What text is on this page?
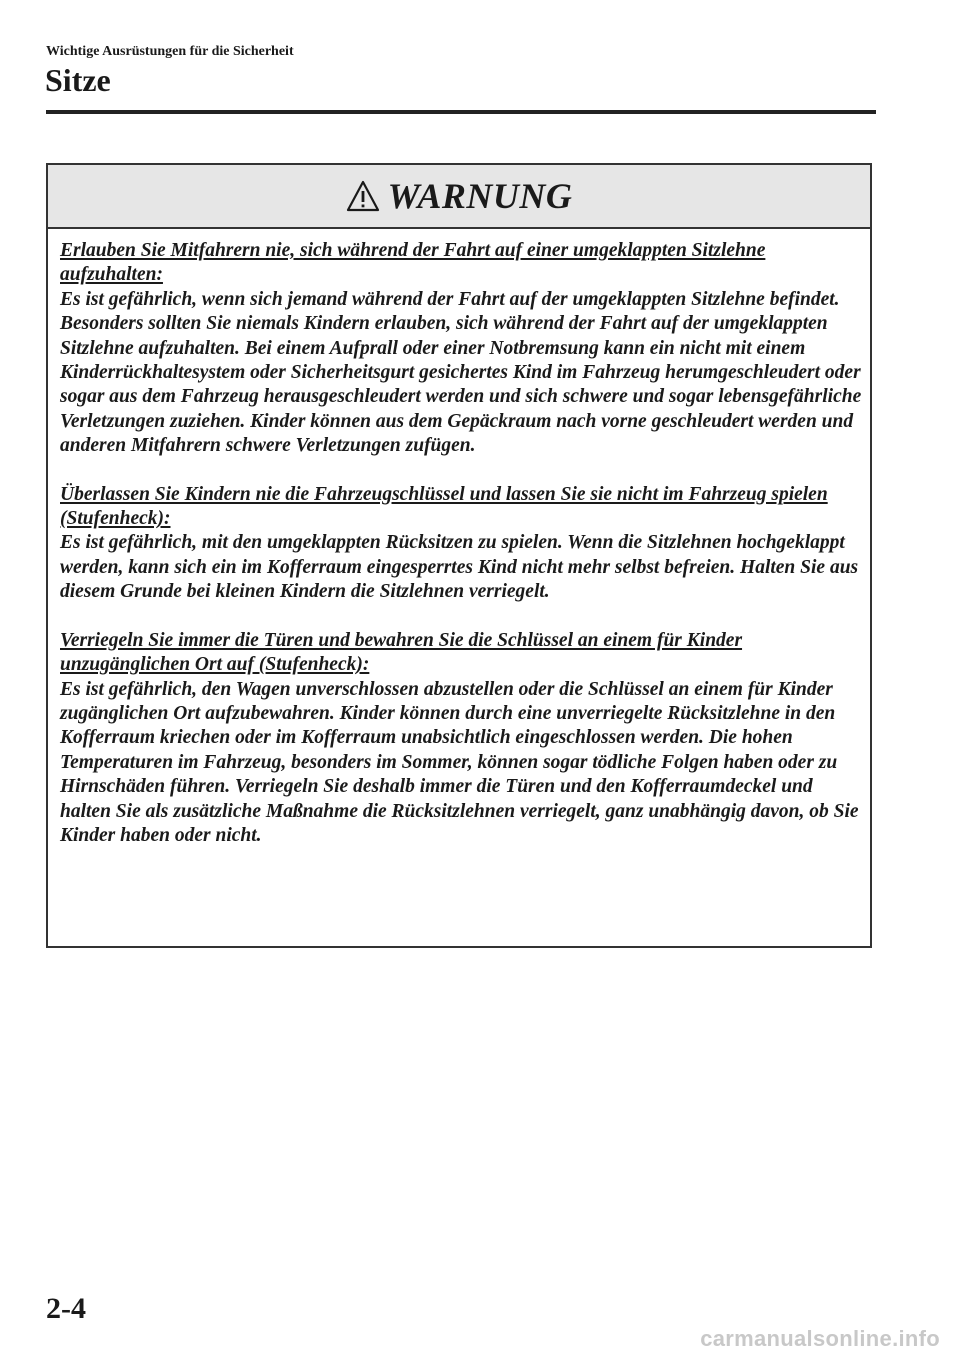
Wichtige Ausrüstungen für die Sicherheit
Sitze
WARNUNG
Erlauben Sie Mitfahrern nie, sich während der Fahrt auf einer umgeklappten Sitzlehne aufzuhalten:
Es ist gefährlich, wenn sich jemand während der Fahrt auf der umgeklappten Sitzlehne befindet. Besonders sollten Sie niemals Kindern erlauben, sich während der Fahrt auf der umgeklappten Sitzlehne aufzuhalten. Bei einem Aufprall oder einer Notbremsung kann ein nicht mit einem Kinderrückhaltesystem oder Sicherheitsgurt gesichertes Kind im Fahrzeug herumgeschleudert oder sogar aus dem Fahrzeug herausgeschleudert werden und sich schwere und sogar lebensgefährliche Verletzungen zuziehen. Kinder können aus dem Gepäckraum nach vorne geschleudert werden und anderen Mitfahrern schwere Verletzungen zufügen.
Überlassen Sie Kindern nie die Fahrzeugschlüssel und lassen Sie sie nicht im Fahrzeug spielen (Stufenheck):
Es ist gefährlich, mit den umgeklappten Rücksitzen zu spielen. Wenn die Sitzlehnen hochgeklappt werden, kann sich ein im Kofferraum eingesperrtes Kind nicht mehr selbst befreien. Halten Sie aus diesem Grunde bei kleinen Kindern die Sitzlehnen verriegelt.
Verriegeln Sie immer die Türen und bewahren Sie die Schlüssel an einem für Kinder unzugänglichen Ort auf (Stufenheck):
Es ist gefährlich, den Wagen unverschlossen abzustellen oder die Schlüssel an einem für Kinder zugänglichen Ort aufzubewahren. Kinder können durch eine unverriegelte Rücksitzlehne in den Kofferraum kriechen oder im Kofferraum unabsichtlich eingeschlossen werden. Die hohen Temperaturen im Fahrzeug, besonders im Sommer, können sogar tödliche Folgen haben oder zu Hirnschäden führen. Verriegeln Sie deshalb immer die Türen und den Kofferraumdeckel und halten Sie als zusätzliche Maßnahme die Rücksitzlehnen verriegelt, ganz unabhängig davon, ob Sie Kinder haben oder nicht.
2-4
carmanualsonline.info
